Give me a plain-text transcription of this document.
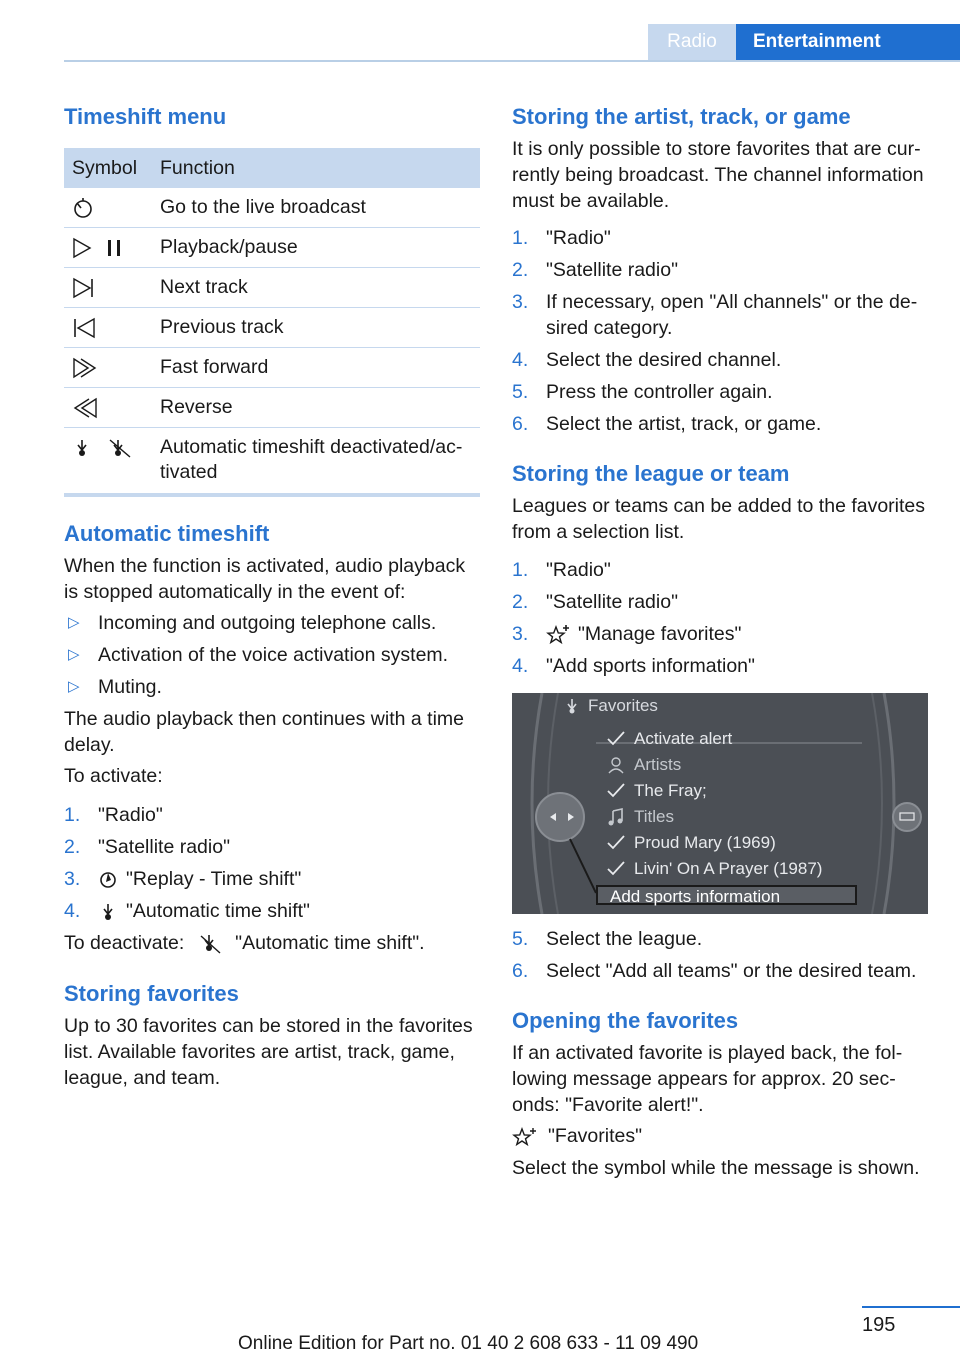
Radio	Entertainment
Timeshift menu
Symbol	Function

	Go to the live broadcast

	Playback/pause

	Next track

	Previous track

	Fast forward

	Reverse

	Automatic timeshift deactivated/ac-tivated
Automatic timeshift

When the function is activated, audio playback is stopped automatically in the event of:

▷ Incoming and outgoing telephone calls.
▷ Activation of the voice activation system.
▷ Muting.

The audio playback then continues with a time delay.

To activate:

1. "Radio"
2. "Satellite radio"
3. "Replay - Time shift"
4. "Automatic time shift"

To deactivate:	"Automatic time shift".

Storing favorites

Up to 30 favorites can be stored in the favorites list. Available favorites are artist, track, game, league, and team.

Storing the artist, track, or game

It is only possible to store favorites that are cur-rently being broadcast. The channel information must be available.

1. "Radio"
2. "Satellite radio"
3. If necessary, open "All channels" or the de-sired category.
4. Select the desired channel.
5. Press the controller again.
6. Select the artist, track, or game.
Storing the league or team

Leagues or teams can be added to the favorites from a selection list.

1. "Radio"
2. "Satellite radio"
3.	"Manage favorites"
4. "Add sports information"
5. Select the league.
6. Select "Add all teams" or the desired team.
Opening the favorites

If an activated favorite is played back, the fol-lowing message appears for approx. 20 sec-onds: "Favorite alert!".

"Favorites"

Select the symbol while the message is shown.

Favorites
Activate alert
Artists
The Fray;
Titles
Proud Mary (1969)
Livin' On A Prayer (1987)
Add sports information
195
Online Edition for Part no. 01 40 2 608 633 - 11 09 490
